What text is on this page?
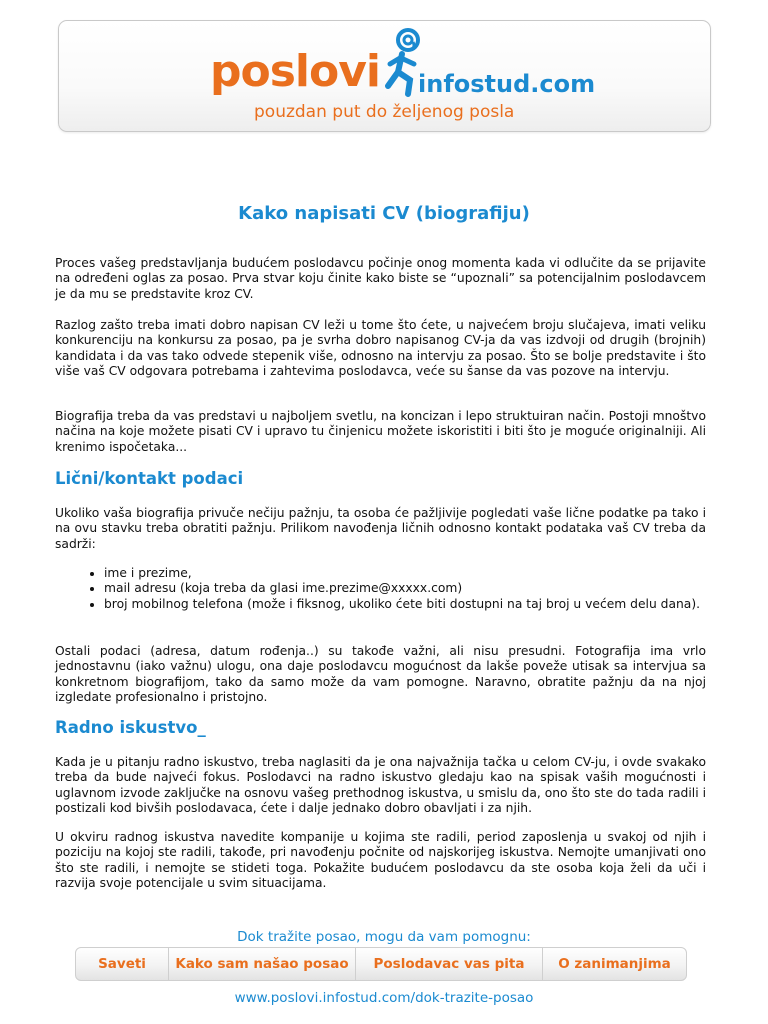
poslovi infostud.com
pouzdan put do željenog posla
Kako napisati CV (biografiju)

Proces vašeg predstavljanja budućem poslodavcu počinje onog momenta kada vi odlučite da se prijavite na određeni oglas za posao. Prva stvar koju činite kako biste se “upoznali” sa potencijalnim poslodavcem je da mu se predstavite kroz CV.

Razlog zašto treba imati dobro napisan CV leži u tome što ćete, u najvećem broju slučajeva, imati veliku konkurenciju na konkursu za posao, pa je svrha dobro napisanog CV-ja da vas izdvoji od drugih (brojnih) kandidata i da vas tako odvede stepenik više, odnosno na intervju za posao. Što se bolje predstavite i što više vaš CV odgovara potrebama i zahtevima poslodavca, veće su šanse da vas pozove na intervju.

Biografija treba da vas predstavi u najboljem svetlu, na koncizan i lepo struktuiran način. Postoji mnoštvo načina na koje možete pisati CV i upravo tu činjenicu možete iskoristiti i biti što je moguće originalniji. Ali krenimo ispočetaka...

Lični/kontakt podaci

Ukoliko vaša biografija privuče nečiju pažnju, ta osoba će pažljivije pogledati vaše lične podatke pa tako i na ovu stavku treba obratiti pažnju. Prilikom navođenja ličnih odnosno kontakt podataka vaš CV treba da sadrži:

• ime i prezime,
• mail adresu (koja treba da glasi ime.prezime@xxxxx.com)
• broj mobilnog telefona (može i fiksnog, ukoliko ćete biti dostupni na taj broj u većem delu dana).

Ostali podaci (adresa, datum rođenja..) su takođe važni, ali nisu presudni. Fotografija ima vrlo jednostavnu (iako važnu) ulogu, ona daje poslodavcu mogućnost da lakše poveže utisak sa intervjua sa konkretnom biografijom, tako da samo može da vam pomogne. Naravno, obratite pažnju da na njoj izgledate profesionalno i pristojno.

Radno iskustvo_

Kada je u pitanju radno iskustvo, treba naglasiti da je ona najvažnija tačka u celom CV-ju, i ovde svakako treba da bude najveći fokus. Poslodavci na radno iskustvo gledaju kao na spisak vaših mogućnosti i uglavnom izvode zaključke na osnovu vašeg prethodnog iskustva, u smislu da, ono što ste do tada radili i postizali kod bivših poslodavaca, ćete i dalje jednako dobro obavljati i za njih.

U okviru radnog iskustva navedite kompanije u kojima ste radili, period zaposlenja u svakoj od njih i poziciju na kojoj ste radili, takođe, pri navođenju počnite od najskorijeg iskustva. Nemojte umanjivati ono što ste radili, i nemojte se stideti toga. Pokažite budućem poslodavcu da ste osoba koja želi da uči i razvija svoje potencijale u svim situacijama.

Dok tražite posao, mogu da vam pomognu:
Saveti	Kako sam našao posao	Poslodavac vas pita	O zanimanjima
www.poslovi.infostud.com/dok-trazite-posao
